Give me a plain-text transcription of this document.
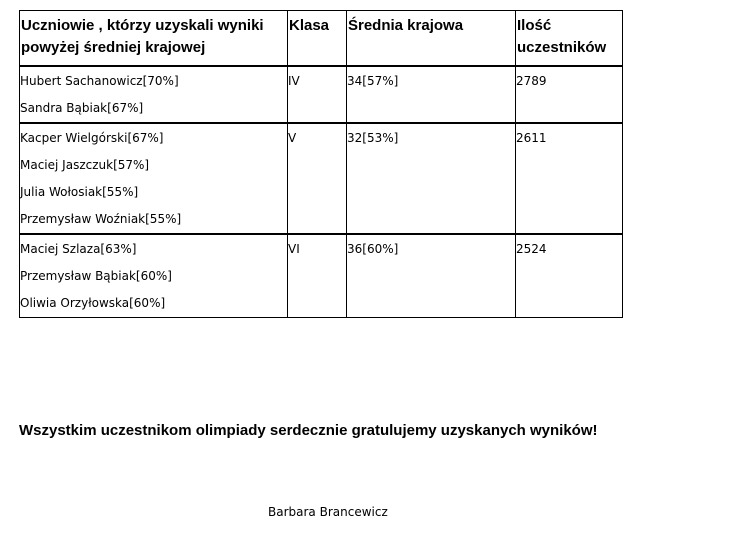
Uczniowie , którzy uzyskali wyniki powyżej średniej krajowej	Klasa	Średnia krajowa	Ilość uczestników

Hubert Sachanowicz[70%]
Sandra Bąbiak[67%]	IV	34[57%]	2789

Kacper Wielgórski[67%]
Maciej Jaszczuk[57%]
Julia Wołosiak[55%]
Przemysław Woźniak[55%]	V	32[53%]	2611

Maciej Szlaza[63%]
Przemysław Bąbiak[60%]
Oliwia Orzyłowska[60%]	VI	36[60%]	2524

Wszystkim uczestnikom olimpiady serdecznie gratulujemy uzyskanych wyników!

Barbara Brancewicz
